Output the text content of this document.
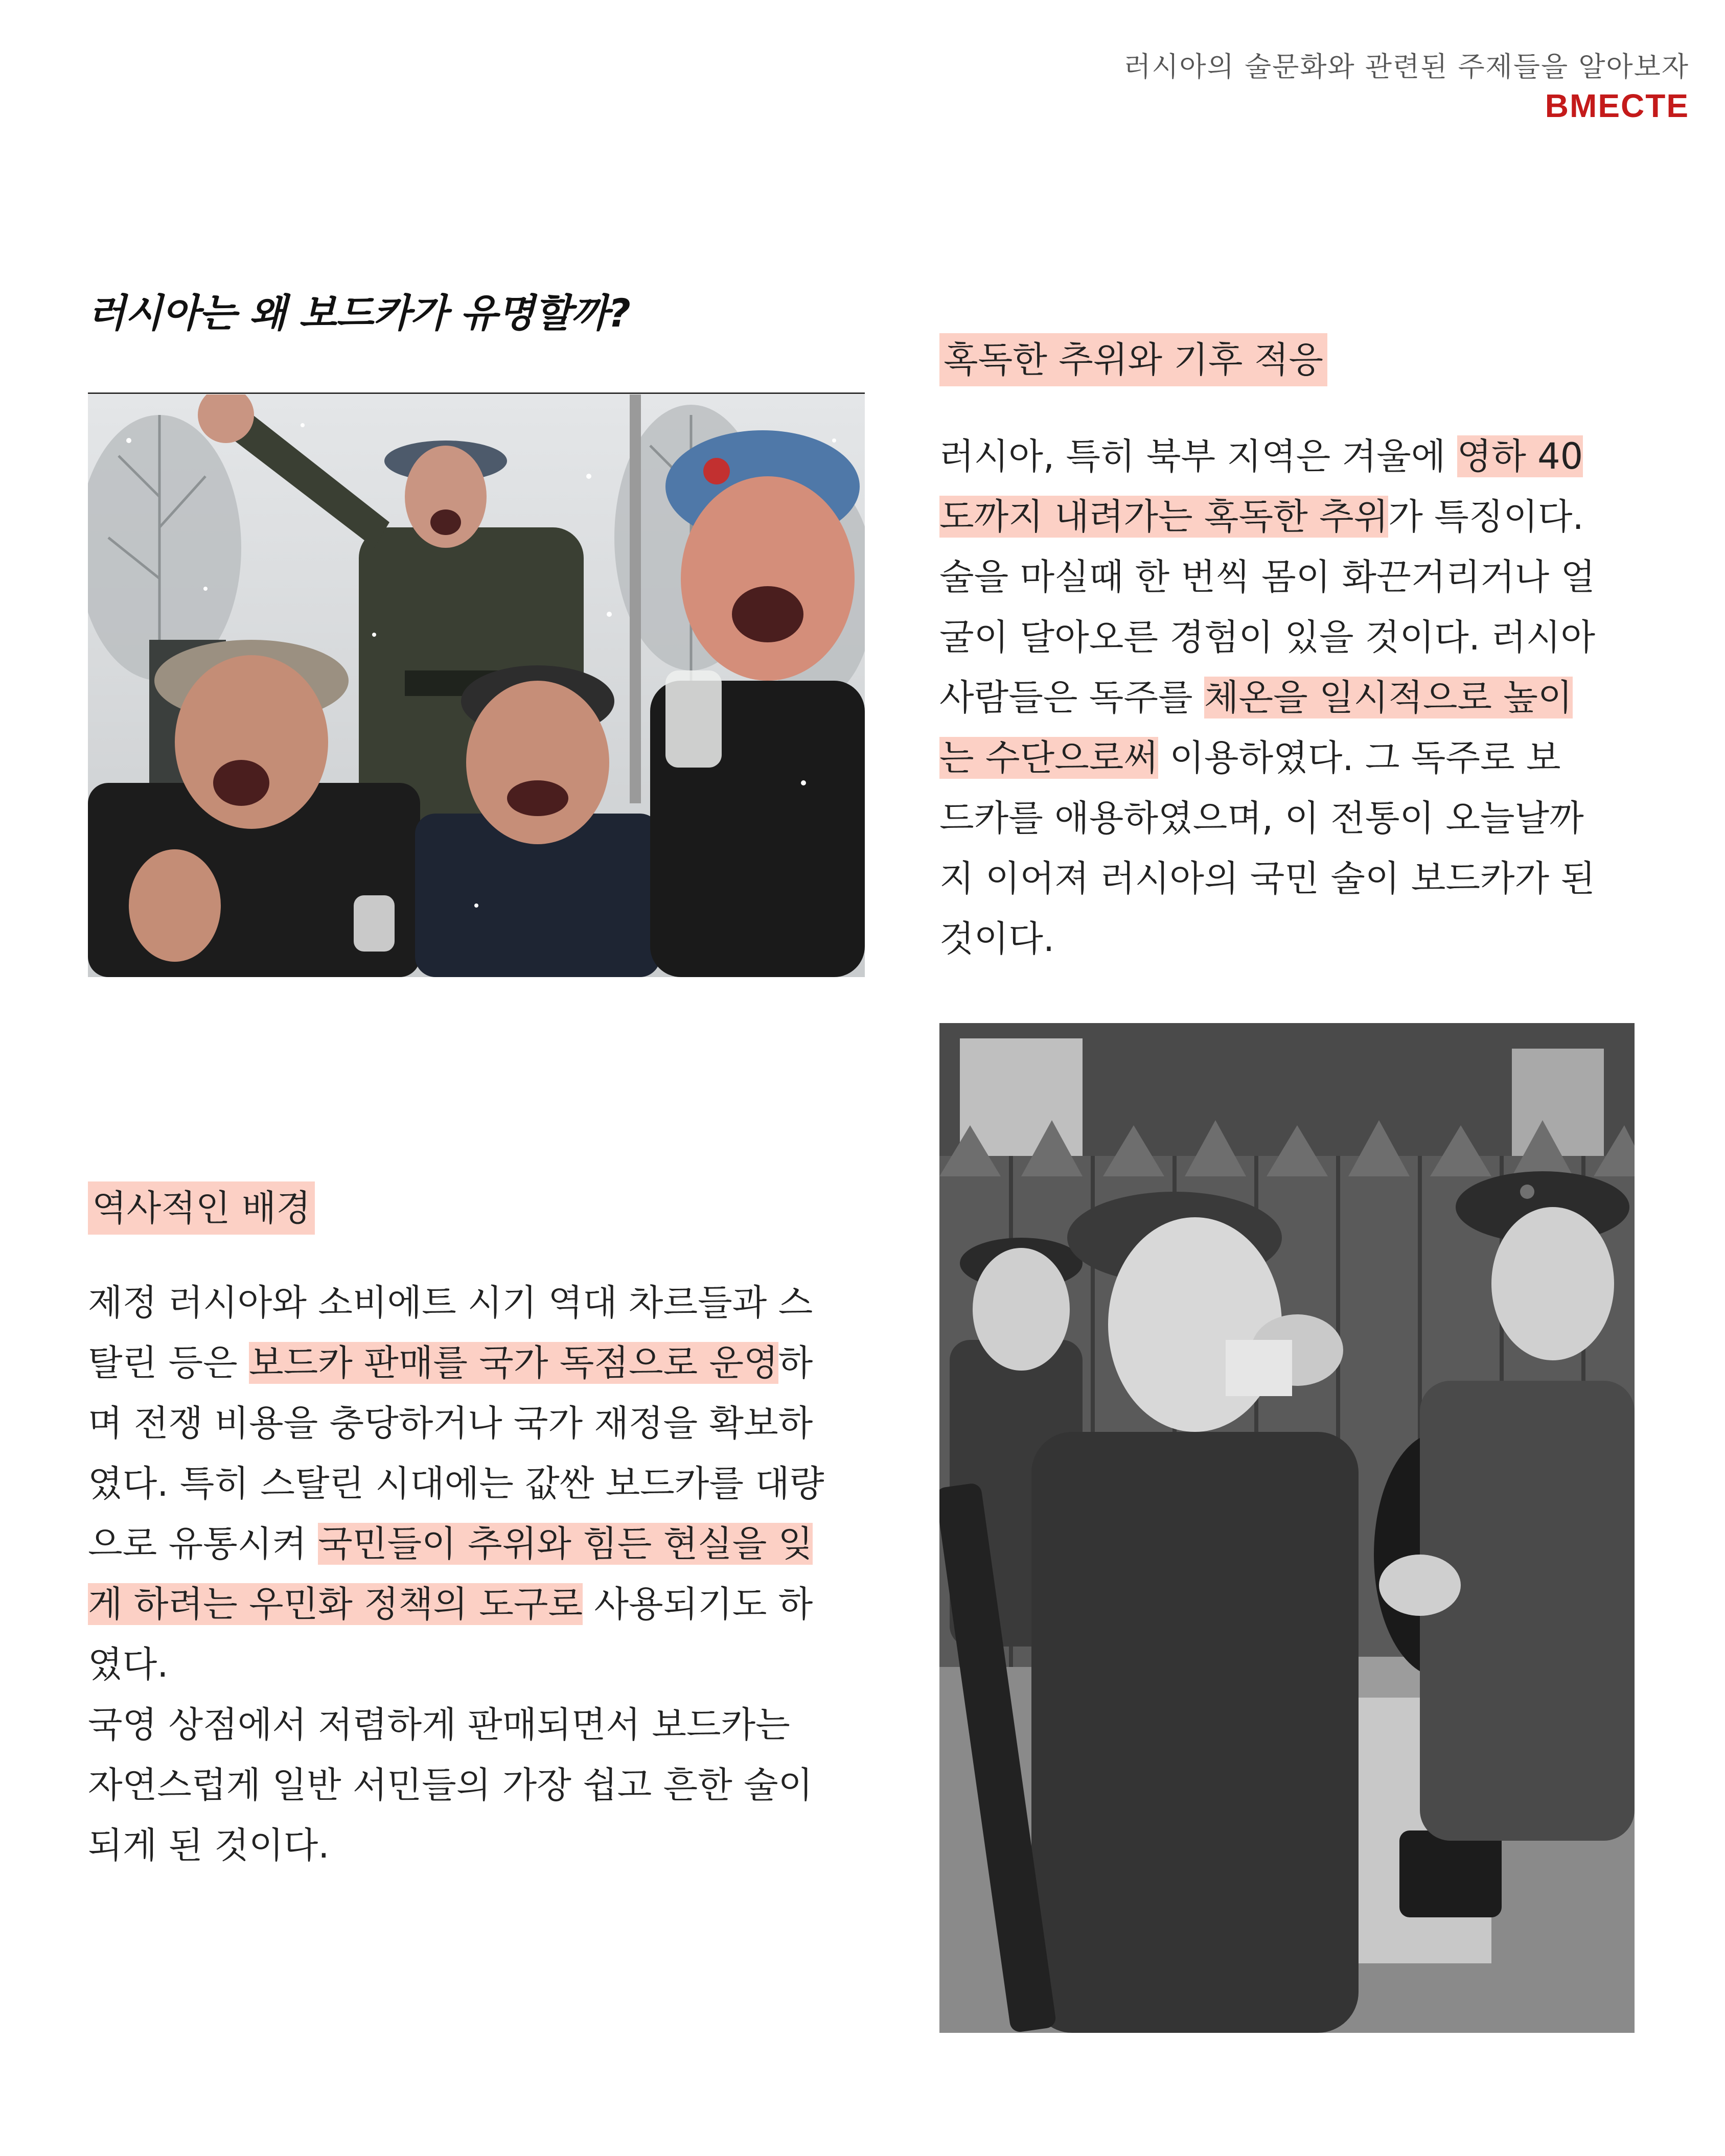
러시아의 술문화와 관련된 주제들을 알아보자
BMECTE
러시아는 왜 보드카가 유명할까?
혹독한 추위와 기후 적응
러시아, 특히 북부 지역은 겨울에 영하 40
도까지 내려가는 혹독한 추위가 특징이다.
술을 마실때 한 번씩 몸이 화끈거리거나 얼
굴이 달아오른 경험이 있을 것이다. 러시아
사람들은 독주를 체온을 일시적으로 높이
는 수단으로써 이용하였다. 그 독주로 보
드카를 애용하였으며, 이 전통이 오늘날까
지 이어져 러시아의 국민 술이 보드카가 된
것이다.
역사적인 배경
제정 러시아와 소비에트 시기 역대 차르들과 스
탈린 등은 보드카 판매를 국가 독점으로 운영하
며 전쟁 비용을 충당하거나 국가 재정을 확보하
였다. 특히 스탈린 시대에는 값싼 보드카를 대량
으로 유통시켜 국민들이 추위와 힘든 현실을 잊
게 하려는 우민화 정책의 도구로 사용되기도 하
였다.
국영 상점에서 저렴하게 판매되면서 보드카는
자연스럽게 일반 서민들의 가장 쉽고 흔한 술이
되게 된 것이다.
